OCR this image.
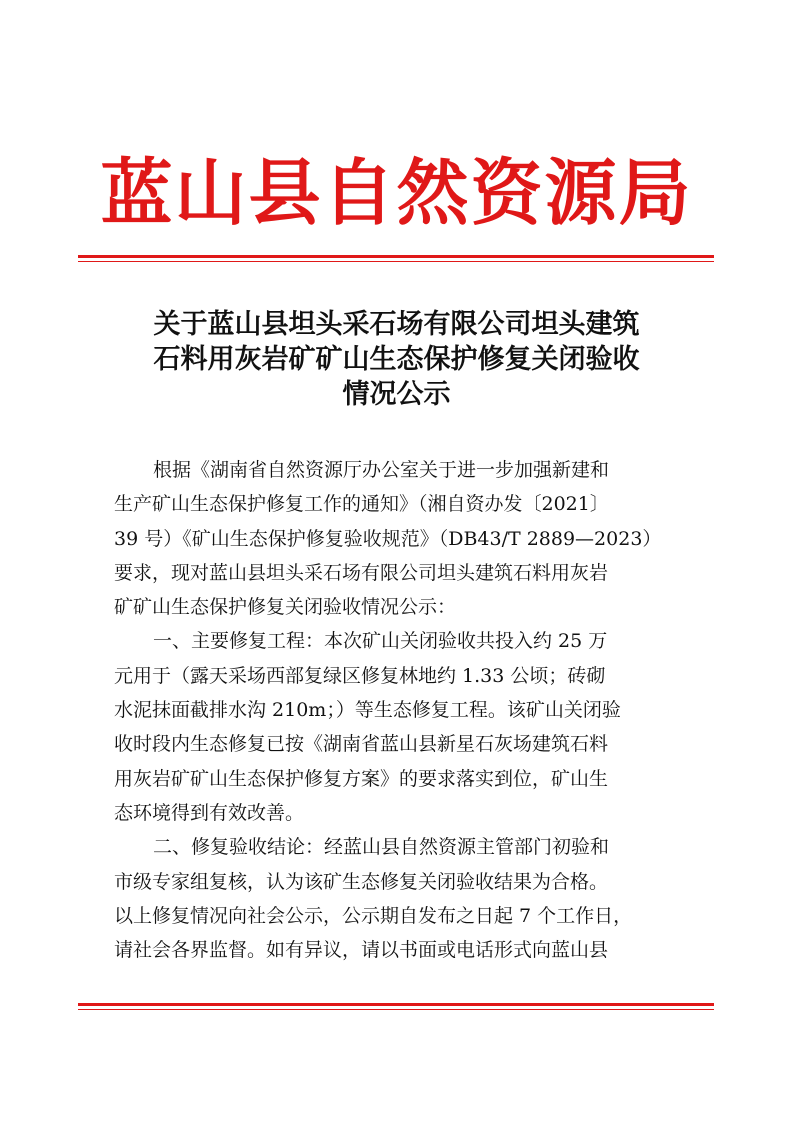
蓝山县自然资源局
关于蓝山县坦头采石场有限公司坦头建筑
石料用灰岩矿矿山生态保护修复关闭验收
情况公示
根据《湖南省自然资源厅办公室关于进一步加强新建和
生产矿山生态保护修复工作的通知》（湘自资办发〔2021〕
39 号）《矿山生态保护修复验收规范》（DB43/T 2889—2023）
要求，现对蓝山县坦头采石场有限公司坦头建筑石料用灰岩
矿矿山生态保护修复关闭验收情况公示：
一、主要修复工程：本次矿山关闭验收共投入约 25 万
元用于（露天采场西部复绿区修复林地约 1.33 公顷；砖砌
水泥抹面截排水沟 210m；）等生态修复工程。该矿山关闭验
收时段内生态修复已按《湖南省蓝山县新星石灰场建筑石料
用灰岩矿矿山生态保护修复方案》的要求落实到位，矿山生
态环境得到有效改善。
二、修复验收结论：经蓝山县自然资源主管部门初验和
市级专家组复核，认为该矿生态修复关闭验收结果为合格。
以上修复情况向社会公示，公示期自发布之日起 7 个工作日，
请社会各界监督。如有异议，请以书面或电话形式向蓝山县
